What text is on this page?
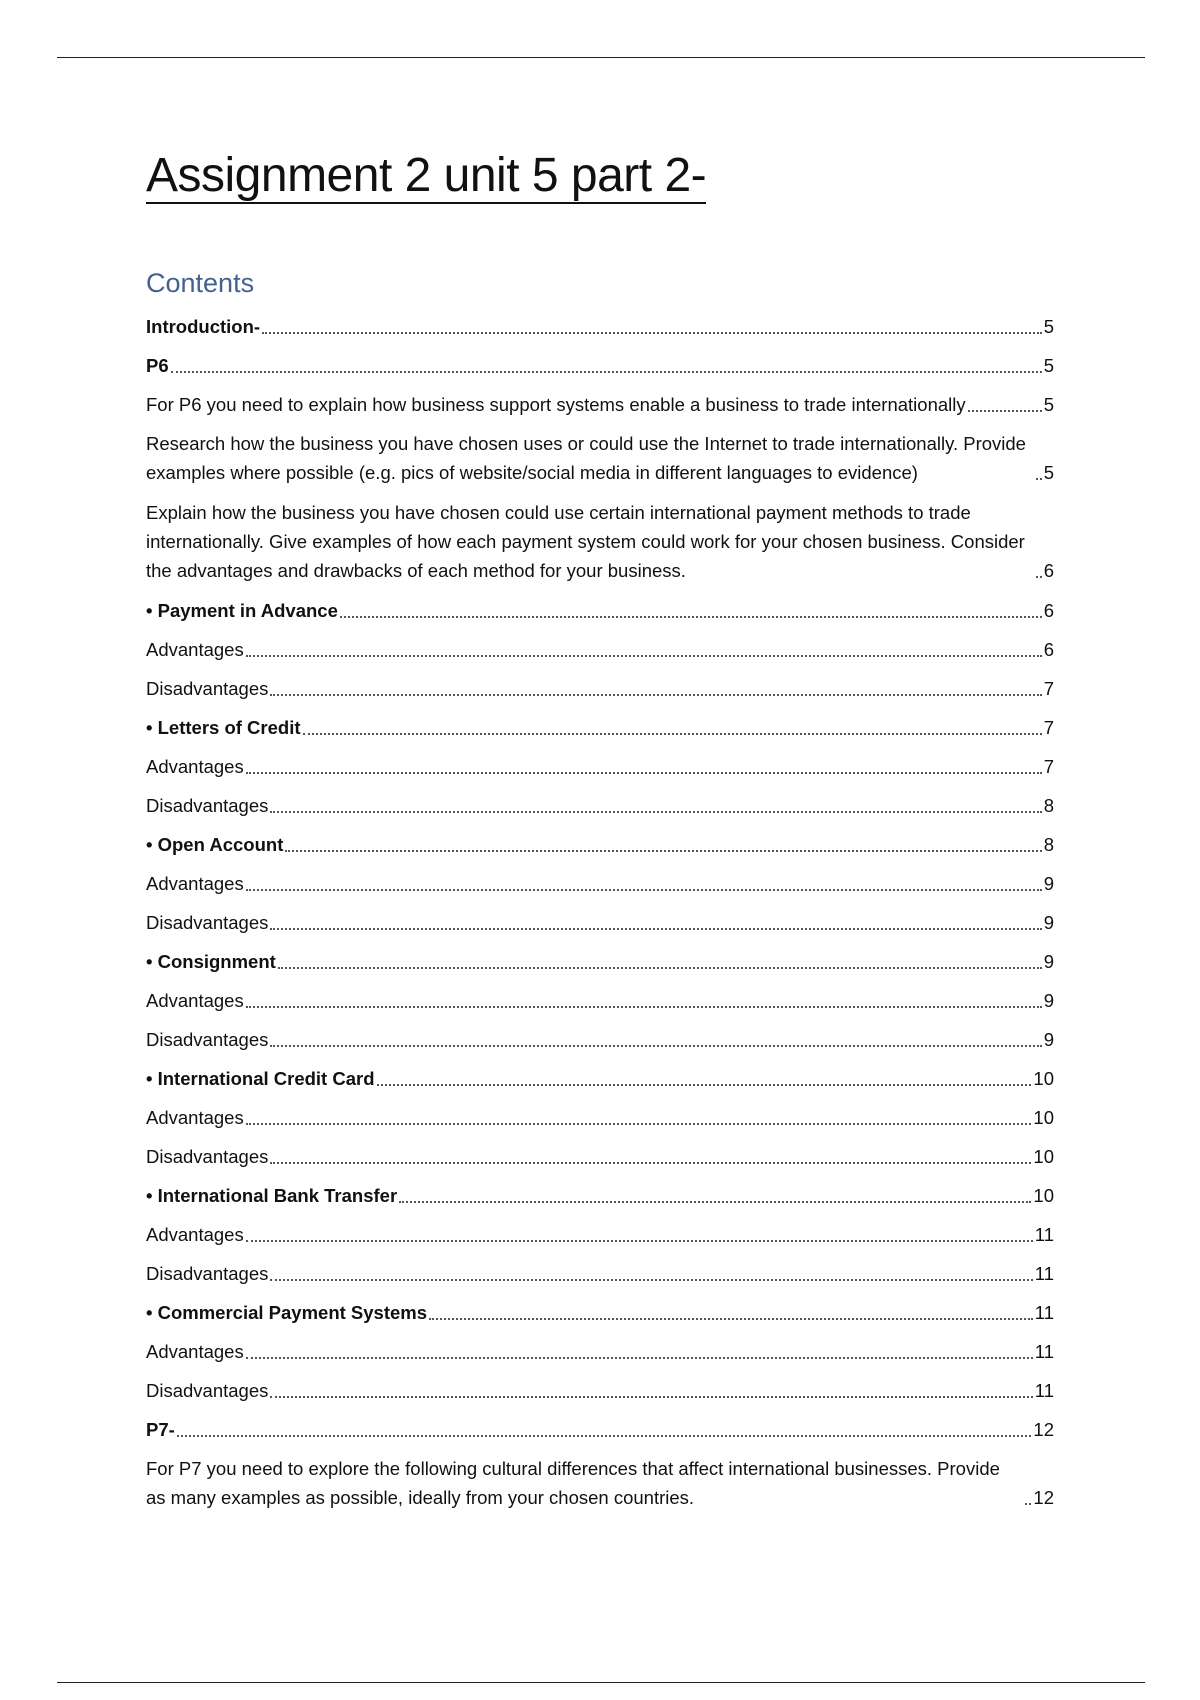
Assignment 2 unit 5 part 2-
Contents
Introduction-	5
P6	5
For P6 you need to explain how business support systems enable a business to trade internationally	5
Research how the business you have chosen uses or could use the Internet to trade internationally. Provide examples where possible (e.g. pics of website/social media in different languages to evidence)	5
Explain how the business you have chosen could use certain international payment methods to trade internationally. Give examples of how each payment system could work for your chosen business. Consider the advantages and drawbacks of each method for your business.	6
• Payment in Advance	6
Advantages	6
Disadvantages	7
• Letters of Credit	7
Advantages	7
Disadvantages	8
• Open Account	8
Advantages	9
Disadvantages	9
• Consignment	9
Advantages	9
Disadvantages	9
• International Credit Card	10
Advantages	10
Disadvantages	10
• International Bank Transfer	10
Advantages	11
Disadvantages	11
• Commercial Payment Systems	11
Advantages	11
Disadvantages	11
P7-	12
For P7 you need to explore the following cultural differences that affect international businesses. Provide as many examples as possible, ideally from your chosen countries.	12
